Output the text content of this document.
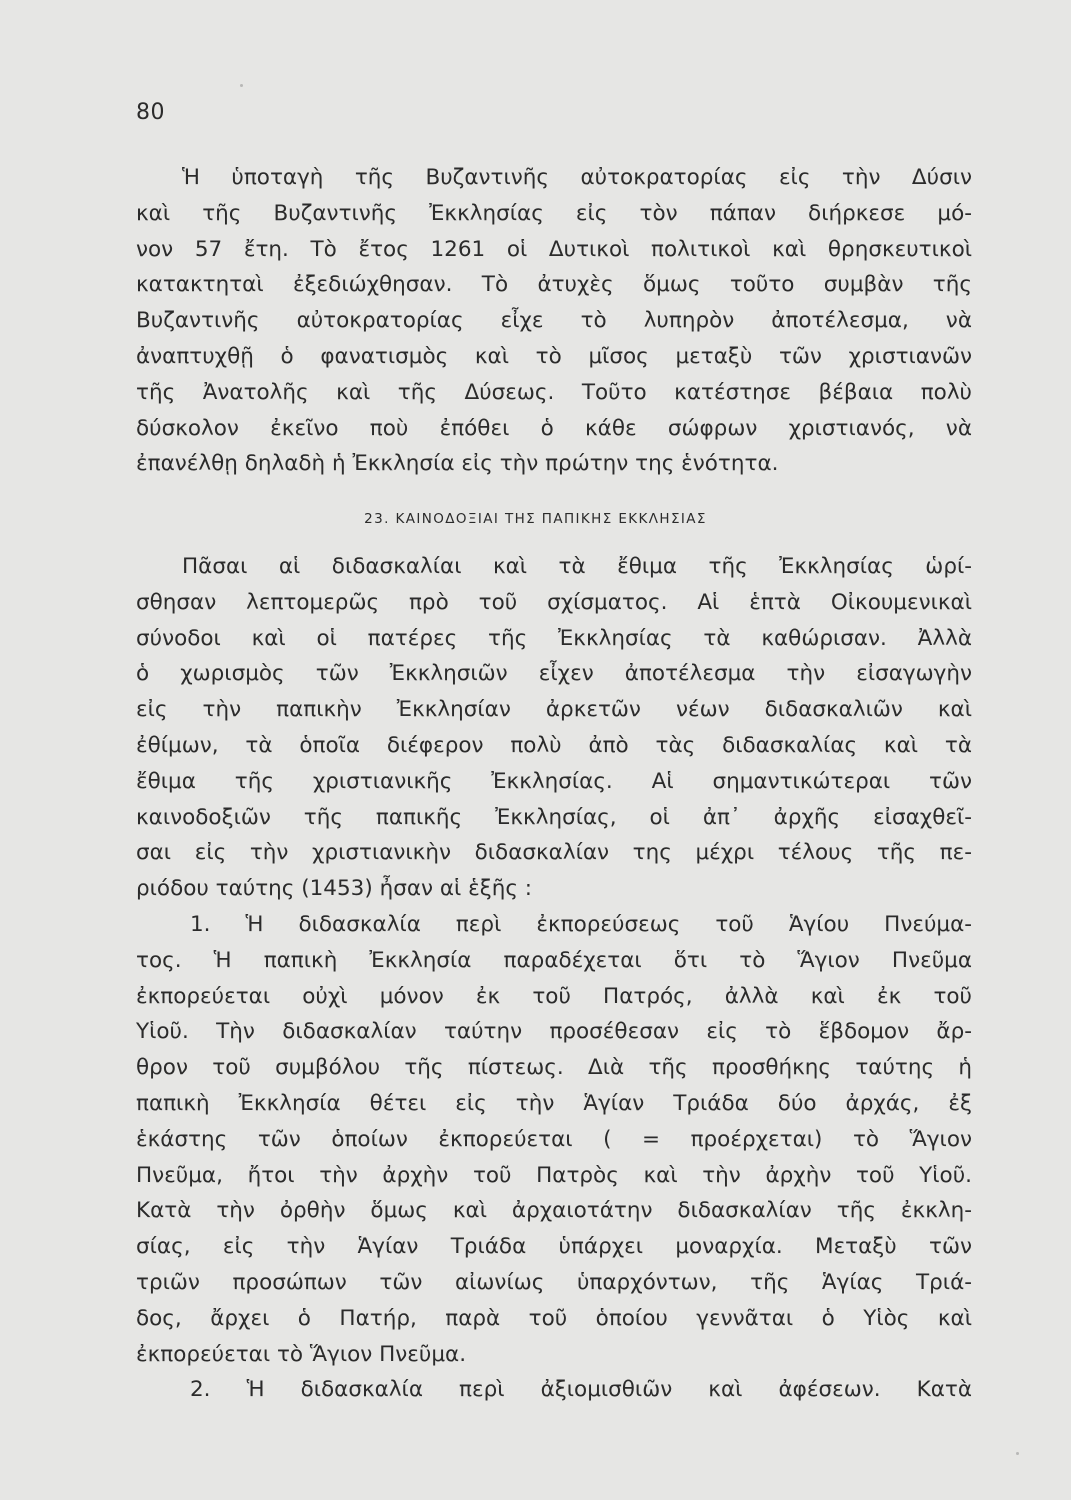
80
Ἡ ὑποταγὴ τῆς Βυζαντινῆς αὐτοκρατορίας εἰς τὴν Δύσιν
καὶ τῆς Βυζαντινῆς Ἐκκλησίας εἰς τὸν πάπαν διήρκεσε μό-
νον 57 ἔτη. Τὸ ἔτος 1261 οἱ Δυτικοὶ πολιτικοὶ καὶ θρησκευτικοὶ
κατακτηταὶ ἐξεδιώχθησαν. Τὸ ἀτυχὲς ὅμως τοῦτο συμβὰν τῆς
Βυζαντινῆς αὐτοκρατορίας εἶχε τὸ λυπηρὸν ἀποτέλεσμα, νὰ
ἀναπτυχθῇ ὁ φανατισμὸς καὶ τὸ μῖσος μεταξὺ τῶν χριστιανῶν
τῆς Ἀνατολῆς καὶ τῆς Δύσεως. Τοῦτο κατέστησε βέβαια πολὺ
δύσκολον ἐκεῖνο ποὺ ἐπόθει ὁ κάθε σώφρων χριστιανός, νὰ
ἐπανέλθῃ δηλαδὴ ἡ Ἐκκλησία εἰς τὴν πρώτην της ἑνότητα.
23. ΚΑΙΝΟΔΟΞΙΑΙ ΤΗΣ ΠΑΠΙΚΗΣ ΕΚΚΛΗΣΙΑΣ
Πᾶσαι αἱ διδασκαλίαι καὶ τὰ ἔθιμα τῆς Ἐκκλησίας ὡρί-
σθησαν λεπτομερῶς πρὸ τοῦ σχίσματος. Αἱ ἑπτὰ Οἰκουμενικαὶ
σύνοδοι καὶ οἱ πατέρες τῆς Ἐκκλησίας τὰ καθώρισαν. Ἀλλὰ
ὁ χωρισμὸς τῶν Ἐκκλησιῶν εἶχεν ἀποτέλεσμα τὴν εἰσαγωγὴν
εἰς τὴν παπικὴν Ἐκκλησίαν ἀρκετῶν νέων διδασκαλιῶν καὶ
ἐθίμων, τὰ ὁποῖα διέφερον πολὺ ἀπὸ τὰς διδασκαλίας καὶ τὰ
ἔθιμα τῆς χριστιανικῆς Ἐκκλησίας. Αἱ σημαντικώτεραι τῶν
καινοδοξιῶν τῆς παπικῆς Ἐκκλησίας, οἱ ἀπ᾽ ἀρχῆς εἰσαχθεῖ-
σαι εἰς τὴν χριστιανικὴν διδασκαλίαν της μέχρι τέλους τῆς πε-
ριόδου ταύτης (1453) ἦσαν αἱ ἑξῆς :
1. Ἡ διδασκαλία περὶ ἐκπορεύσεως τοῦ Ἁγίου Πνεύμα-
τος. Ἡ παπικὴ Ἐκκλησία παραδέχεται ὅτι τὸ Ἅγιον Πνεῦμα
ἐκπορεύεται οὐχὶ μόνον ἐκ τοῦ Πατρός, ἀλλὰ καὶ ἐκ τοῦ
Υἱοῦ. Τὴν διδασκαλίαν ταύτην προσέθεσαν εἰς τὸ ἕβδομον ἄρ-
θρον τοῦ συμβόλου τῆς πίστεως. Διὰ τῆς προσθήκης ταύτης ἡ
παπικὴ Ἐκκλησία θέτει εἰς τὴν Ἁγίαν Τριάδα δύο ἀρχάς, ἐξ
ἑκάστης τῶν ὁποίων ἐκπορεύεται ( = προέρχεται) τὸ Ἅγιον
Πνεῦμα, ἤτοι τὴν ἀρχὴν τοῦ Πατρὸς καὶ τὴν ἀρχὴν τοῦ Υἱοῦ.
Κατὰ τὴν ὀρθὴν ὅμως καὶ ἀρχαιοτάτην διδασκαλίαν τῆς ἐκκλη-
σίας, εἰς τὴν Ἁγίαν Τριάδα ὑπάρχει μοναρχία. Μεταξὺ τῶν
τριῶν προσώπων τῶν αἰωνίως ὑπαρχόντων, τῆς Ἁγίας Τριά-
δος, ἄρχει ὁ Πατήρ, παρὰ τοῦ ὁποίου γεννᾶται ὁ Υἱὸς καὶ
ἐκπορεύεται τὸ Ἅγιον Πνεῦμα.
2. Ἡ διδασκαλία περὶ ἀξιομισθιῶν καὶ ἀφέσεων. Κατὰ
